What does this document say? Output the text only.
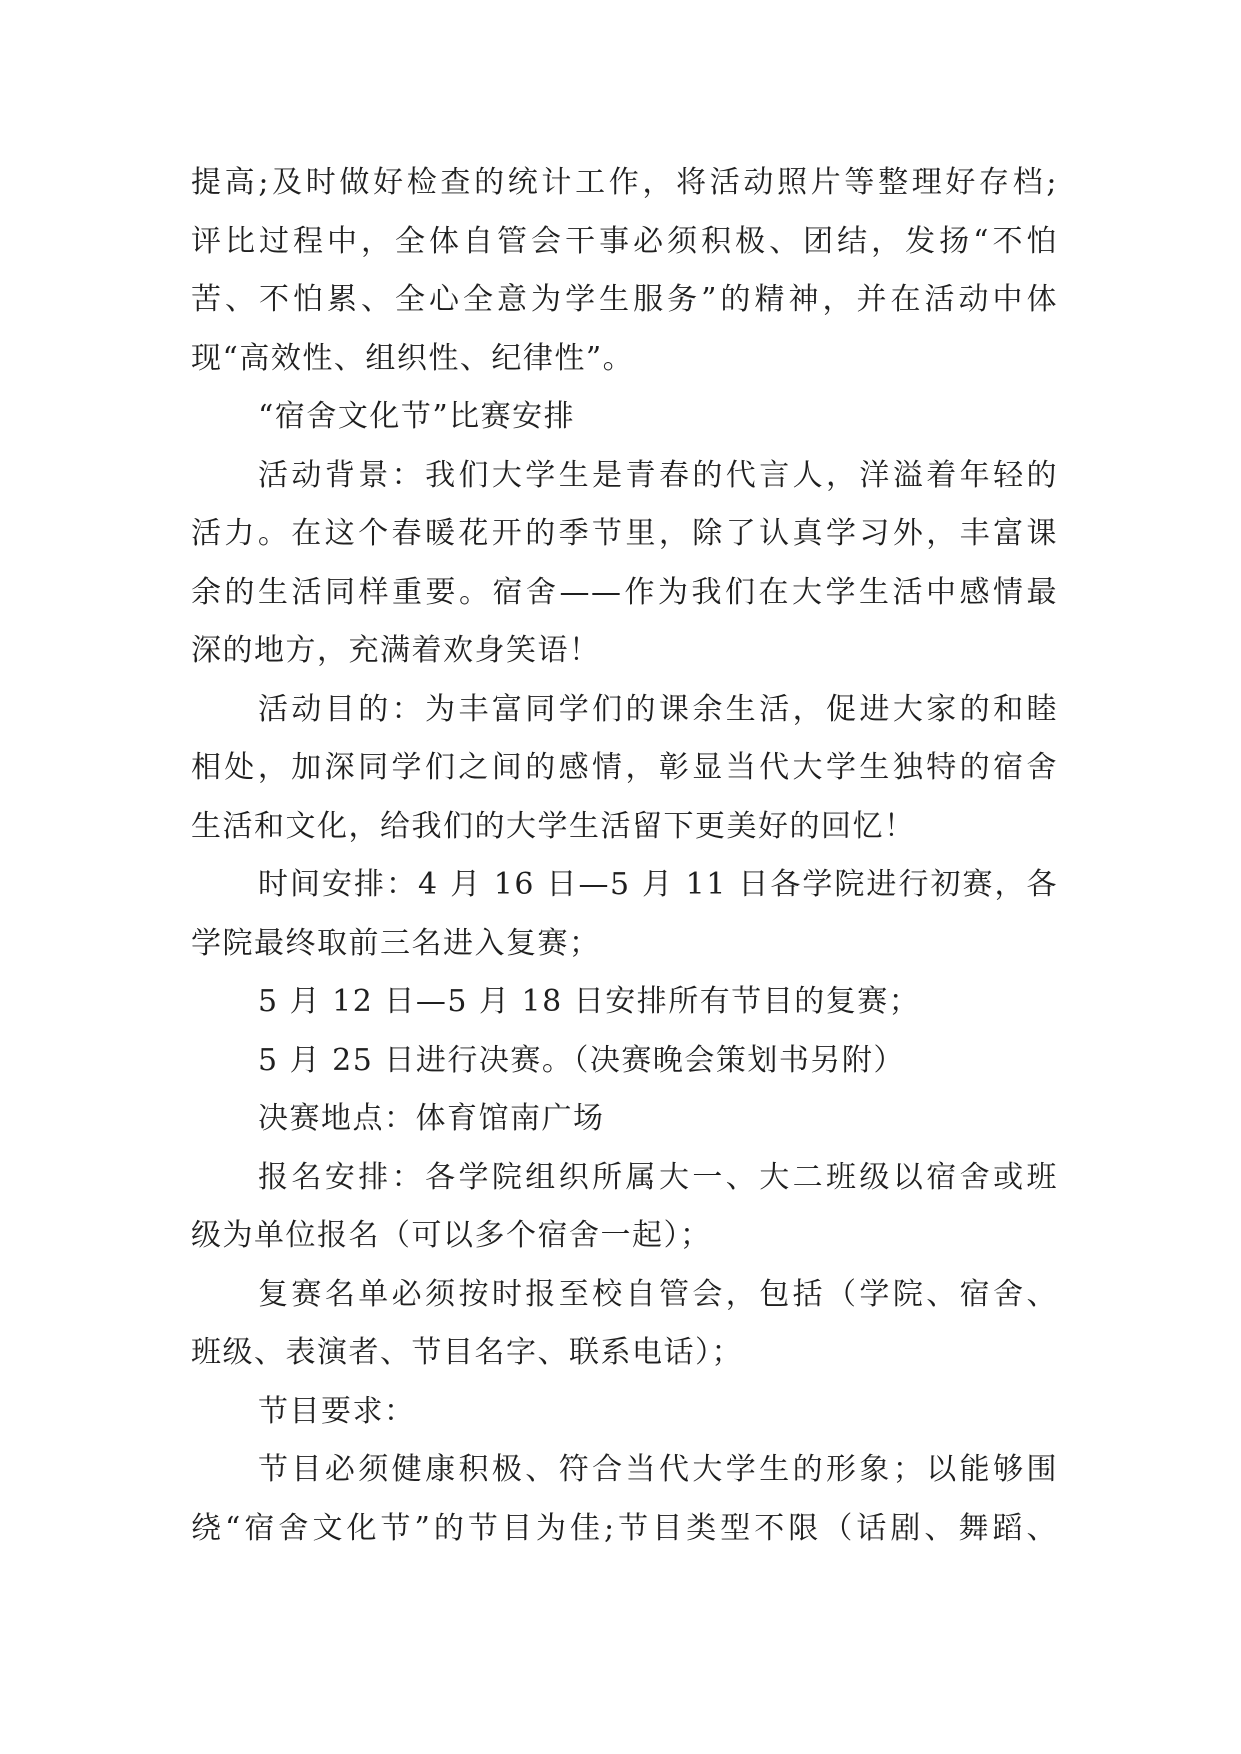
提高;及时做好检查的统计工作，将活动照片等整理好存档;
评比过程中，全体自管会干事必须积极、团结，发扬“不怕
苦、不怕累、全心全意为学生服务”的精神，并在活动中体
现“高效性、组织性、纪律性”。
“宿舍文化节”比赛安排
活动背景：我们大学生是青春的代言人，洋溢着年轻的
活力。在这个春暖花开的季节里，除了认真学习外，丰富课
余的生活同样重要。宿舍——作为我们在大学生活中感情最
深的地方，充满着欢身笑语！
活动目的：为丰富同学们的课余生活，促进大家的和睦
相处，加深同学们之间的感情，彰显当代大学生独特的宿舍
生活和文化，给我们的大学生活留下更美好的回忆！
时间安排：4 月 16 日—5 月 11 日各学院进行初赛，各
学院最终取前三名进入复赛；
5 月 12 日—5 月 18 日安排所有节目的复赛；
5 月 25 日进行决赛。（决赛晚会策划书另附）
决赛地点：体育馆南广场
报名安排：各学院组织所属大一、大二班级以宿舍或班
级为单位报名（可以多个宿舍一起）；
复赛名单必须按时报至校自管会，包括（学院、宿舍、
班级、表演者、节目名字、联系电话）；
节目要求：
节目必须健康积极、符合当代大学生的形象；以能够围
绕“宿舍文化节”的节目为佳;节目类型不限（话剧、舞蹈、
